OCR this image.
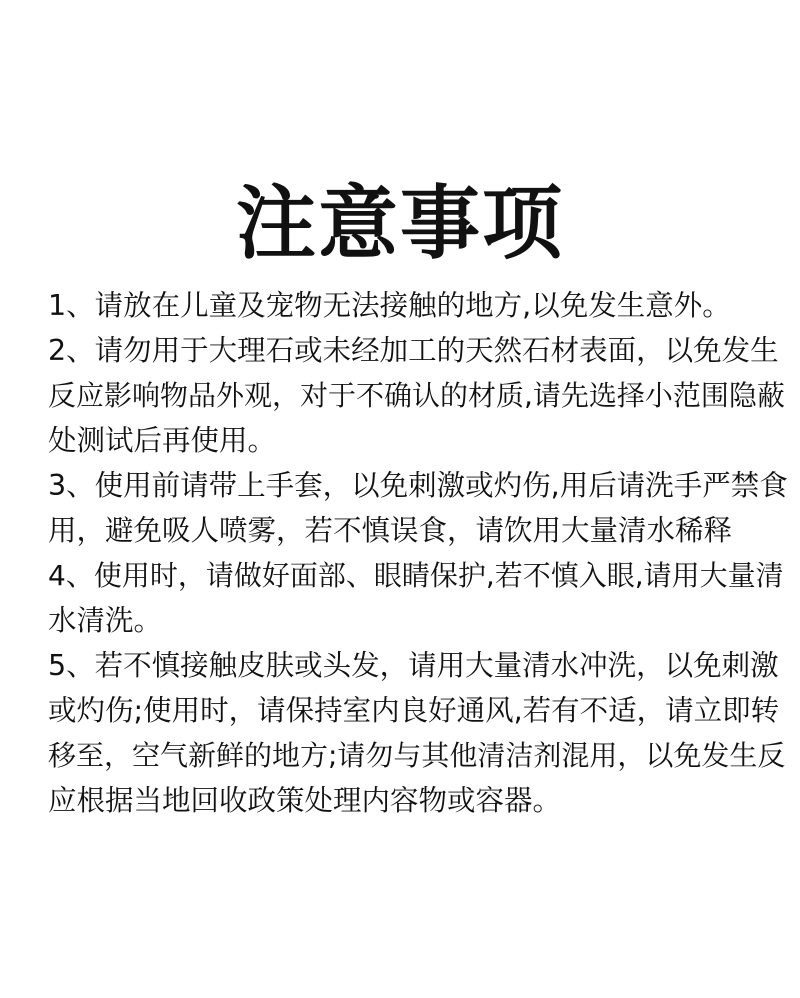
注意事项

1、请放在儿童及宠物无法接触的地方,以免发生意外。

2、请勿用于大理石或未经加工的天然石材表面，以免发生
反应影响物品外观，对于不确认的材质,请先选择小范围隐蔽
处测试后再使用。

3、使用前请带上手套，以免刺激或灼伤,用后请洗手严禁食
用，避免吸人喷雾，若不慎误食，请饮用大量清水稀释

4、使用时，请做好面部、眼睛保护,若不慎入眼,请用大量清
水清洗。

5、若不慎接触皮肤或头发，请用大量清水冲洗，以免刺激
或灼伤;使用时，请保持室内良好通风,若有不适，请立即转
移至，空气新鲜的地方;请勿与其他清洁剂混用，以免发生反
应根据当地回收政策处理内容物或容器。
